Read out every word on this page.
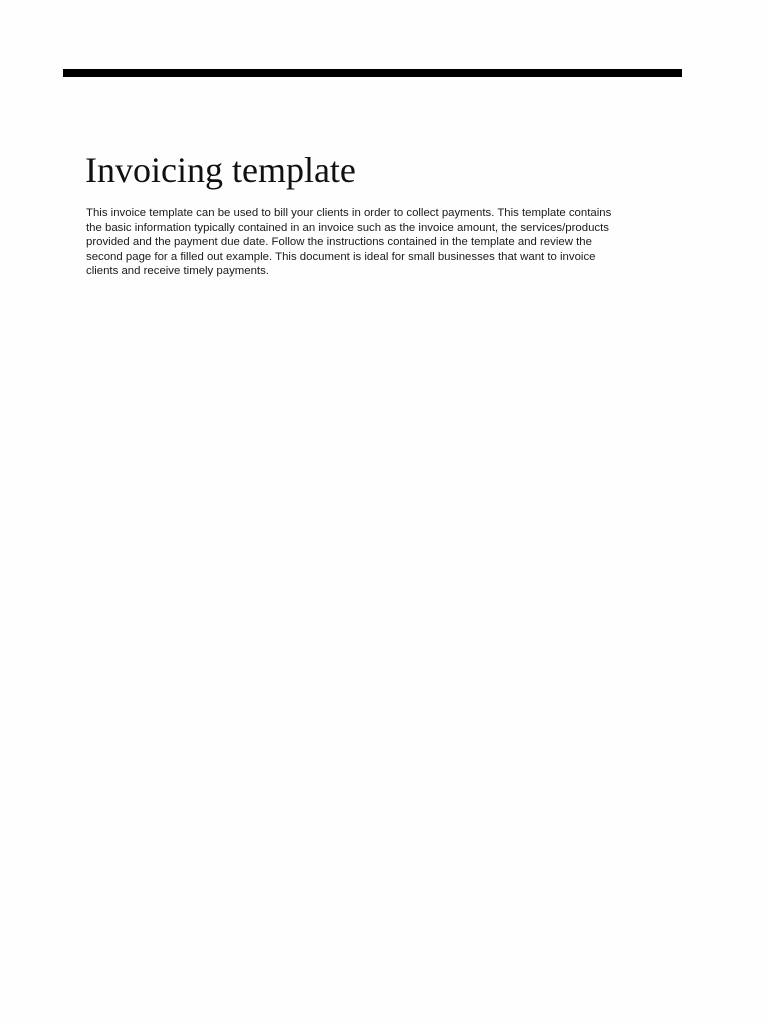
Invoicing template

This invoice template can be used to bill your clients in order to collect payments. This template contains
the basic information typically contained in an invoice such as the invoice amount, the services/products
provided and the payment due date. Follow the instructions contained in the template and review the
second page for a filled out example. This document is ideal for small businesses that want to invoice
clients and receive timely payments.
